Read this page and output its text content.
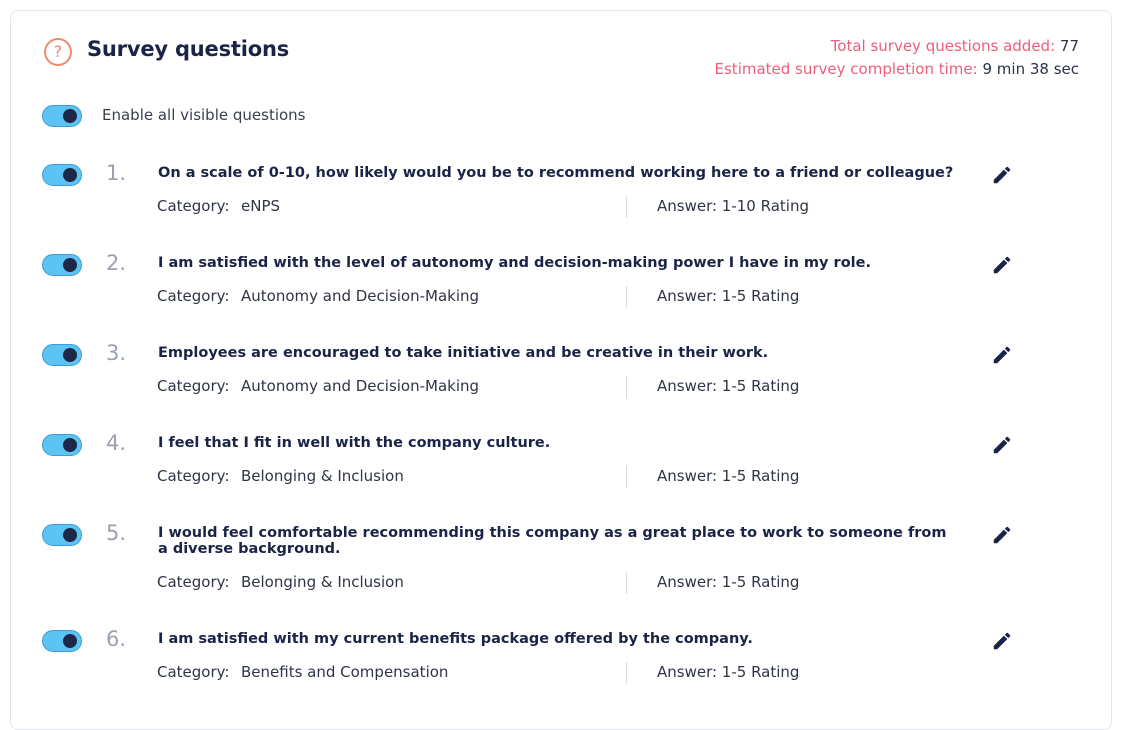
?	Survey questions	Total survey questions added: 77
Estimated survey completion time: 9 min 38 sec
Enable all visible questions
1. On a scale of 0-10, how likely would you be to recommend working here to a friend or colleague?
Category: eNPS	Answer: 1-10 Rating
2. I am satisfied with the level of autonomy and decision-making power I have in my role.
Category: Autonomy and Decision-Making	Answer: 1-5 Rating
3. Employees are encouraged to take initiative and be creative in their work.
Category: Autonomy and Decision-Making	Answer: 1-5 Rating
4. I feel that I fit in well with the company culture.
Category: Belonging & Inclusion	Answer: 1-5 Rating
5. I would feel comfortable recommending this company as a great place to work to someone from a diverse background.
Category: Belonging & Inclusion	Answer: 1-5 Rating
6. I am satisfied with my current benefits package offered by the company.
Category: Benefits and Compensation	Answer: 1-5 Rating
